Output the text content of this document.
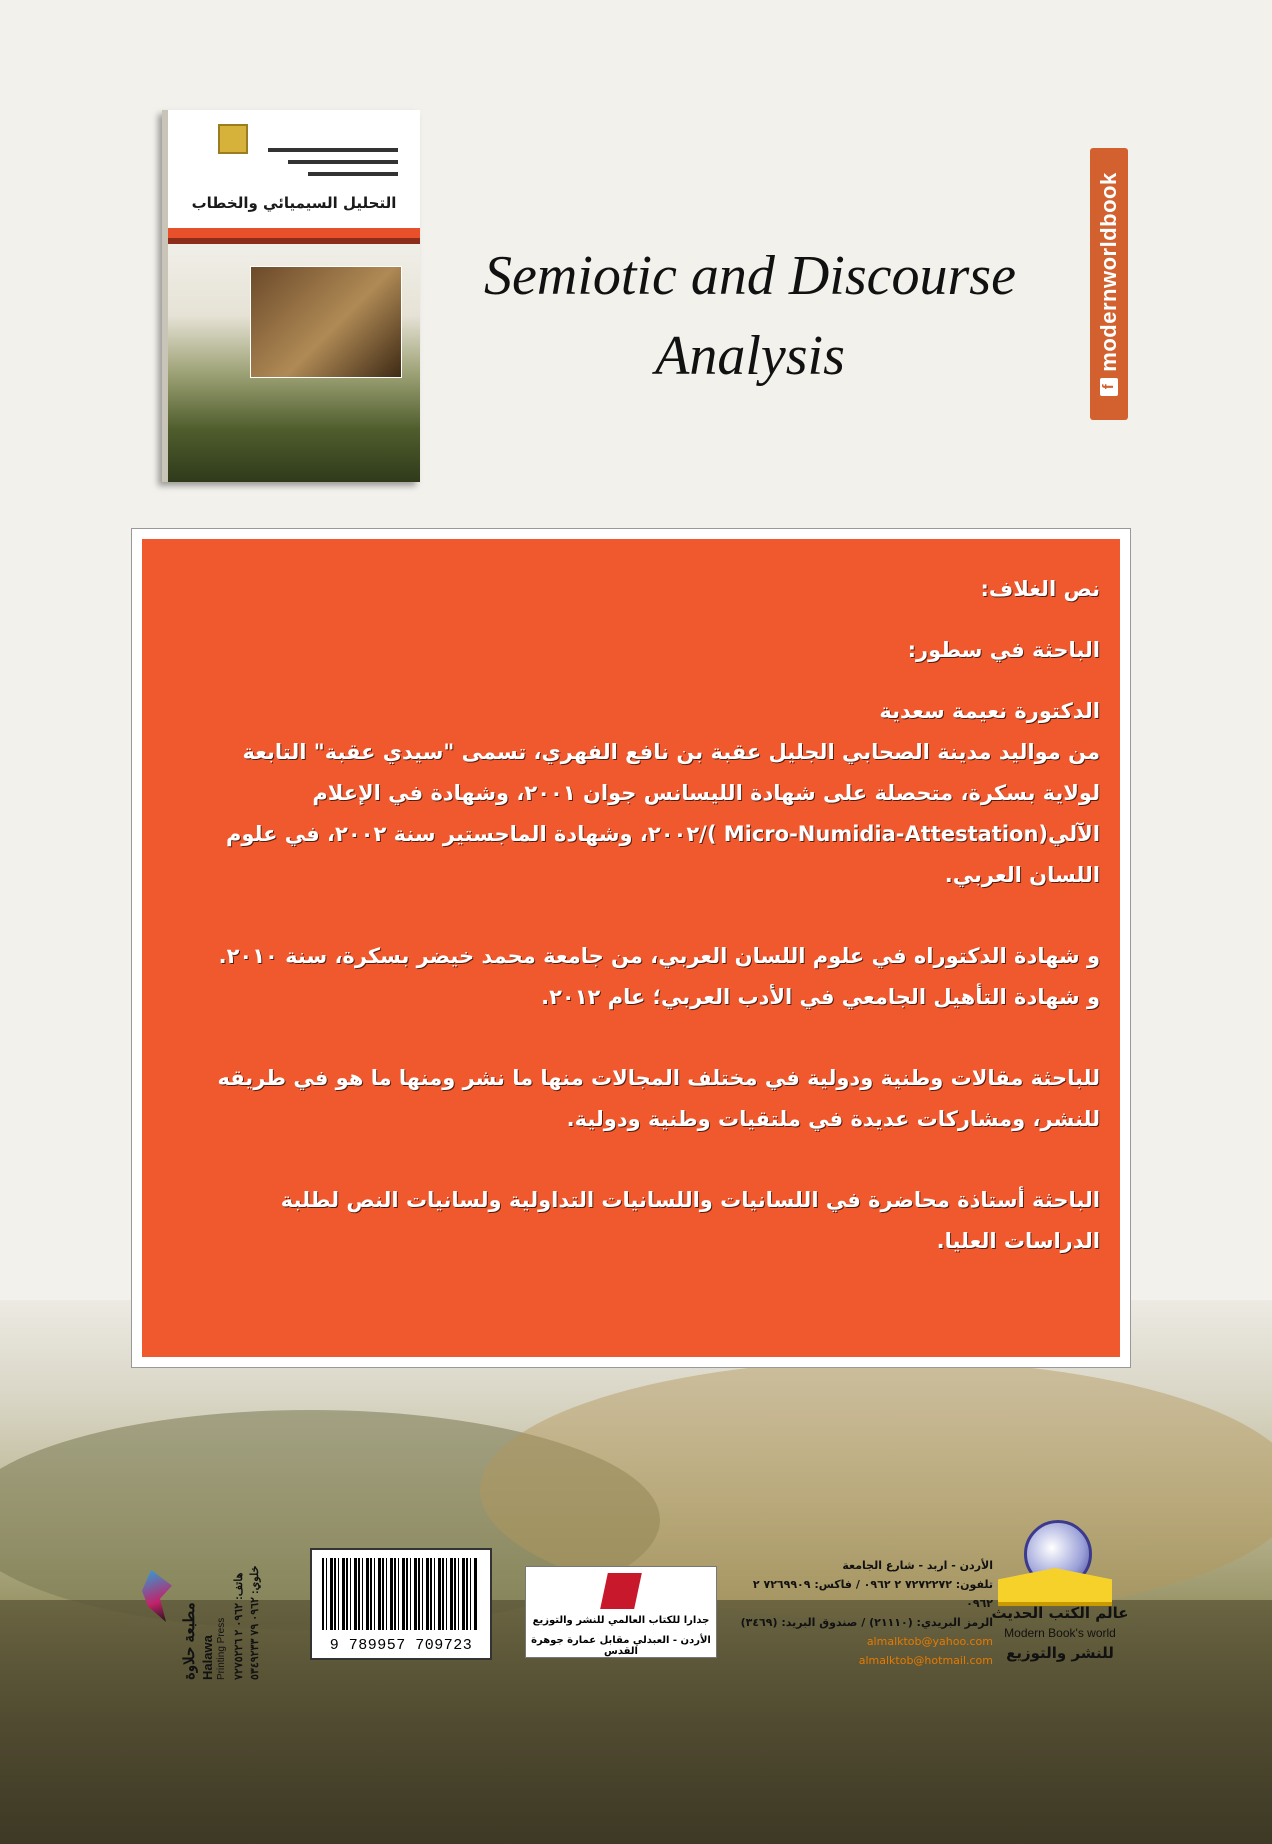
التحليل السيميائي والخطاب
f
modernworldbook
Semiotic and Discourse
Analysis

نص الغلاف:

الباحثة في سطور:

الدكتورة نعيمة سعدية

من مواليد مدينة الصحابي الجليل عقبة بن نافع الفهري، تسمى "سيدي عقبة" التابعة

لولاية بسكرة، متحصلة على شهادة الليسانس جوان ٢٠٠١، وشهادة في الإعلام

الآلي(Micro-Numidia-Attestation )/٢٠٠٢، وشهادة الماجستير سنة ٢٠٠٢، في علوم

اللسان العربي.

و شهادة الدكتوراه في علوم اللسان العربي، من جامعة محمد خيضر بسكرة، سنة ٢٠١٠.

و شهادة التأهيل الجامعي في الأدب العربي؛ عام ٢٠١٢.

للباحثة مقالات وطنية ودولية في مختلف المجالات منها ما نشر ومنها ما هو في طريقه

للنشر، ومشاركات عديدة في ملتقيات وطنية ودولية.

الباحثة أستاذة محاضرة في اللسانيات واللسانيات التداولية ولسانيات النص لطلبة

الدراسات العليا.

مطبعة حلاوة Halawa Printing Press هاتف: ٠٩٦٢ ٢ ٧٢٧٥٢٢٦
خلوي: ٠٩٦٢ ٧٩ ٥٣٤٩٢٣٣
9 789957 709723
جدارا للكتاب العالمي للنشر والتوزيع
الأردن - العبدلي مقابل عمارة جوهرة القدس
الأردن - اربد - شارع الجامعة
تلفون: ٧٢٧٢٢٧٢ ٢ ٠٩٦٢ / فاكس: ٧٢٦٩٩٠٩ ٢ ٠٩٦٢
الرمز البريدي: (٢١١١٠) / صندوق البريد: (٣٤٦٩)
almalktob@yahoo.com
almalktob@hotmail.com
عالم الكتب الحديث
Modern Book's world
للنشر والتوزيع
